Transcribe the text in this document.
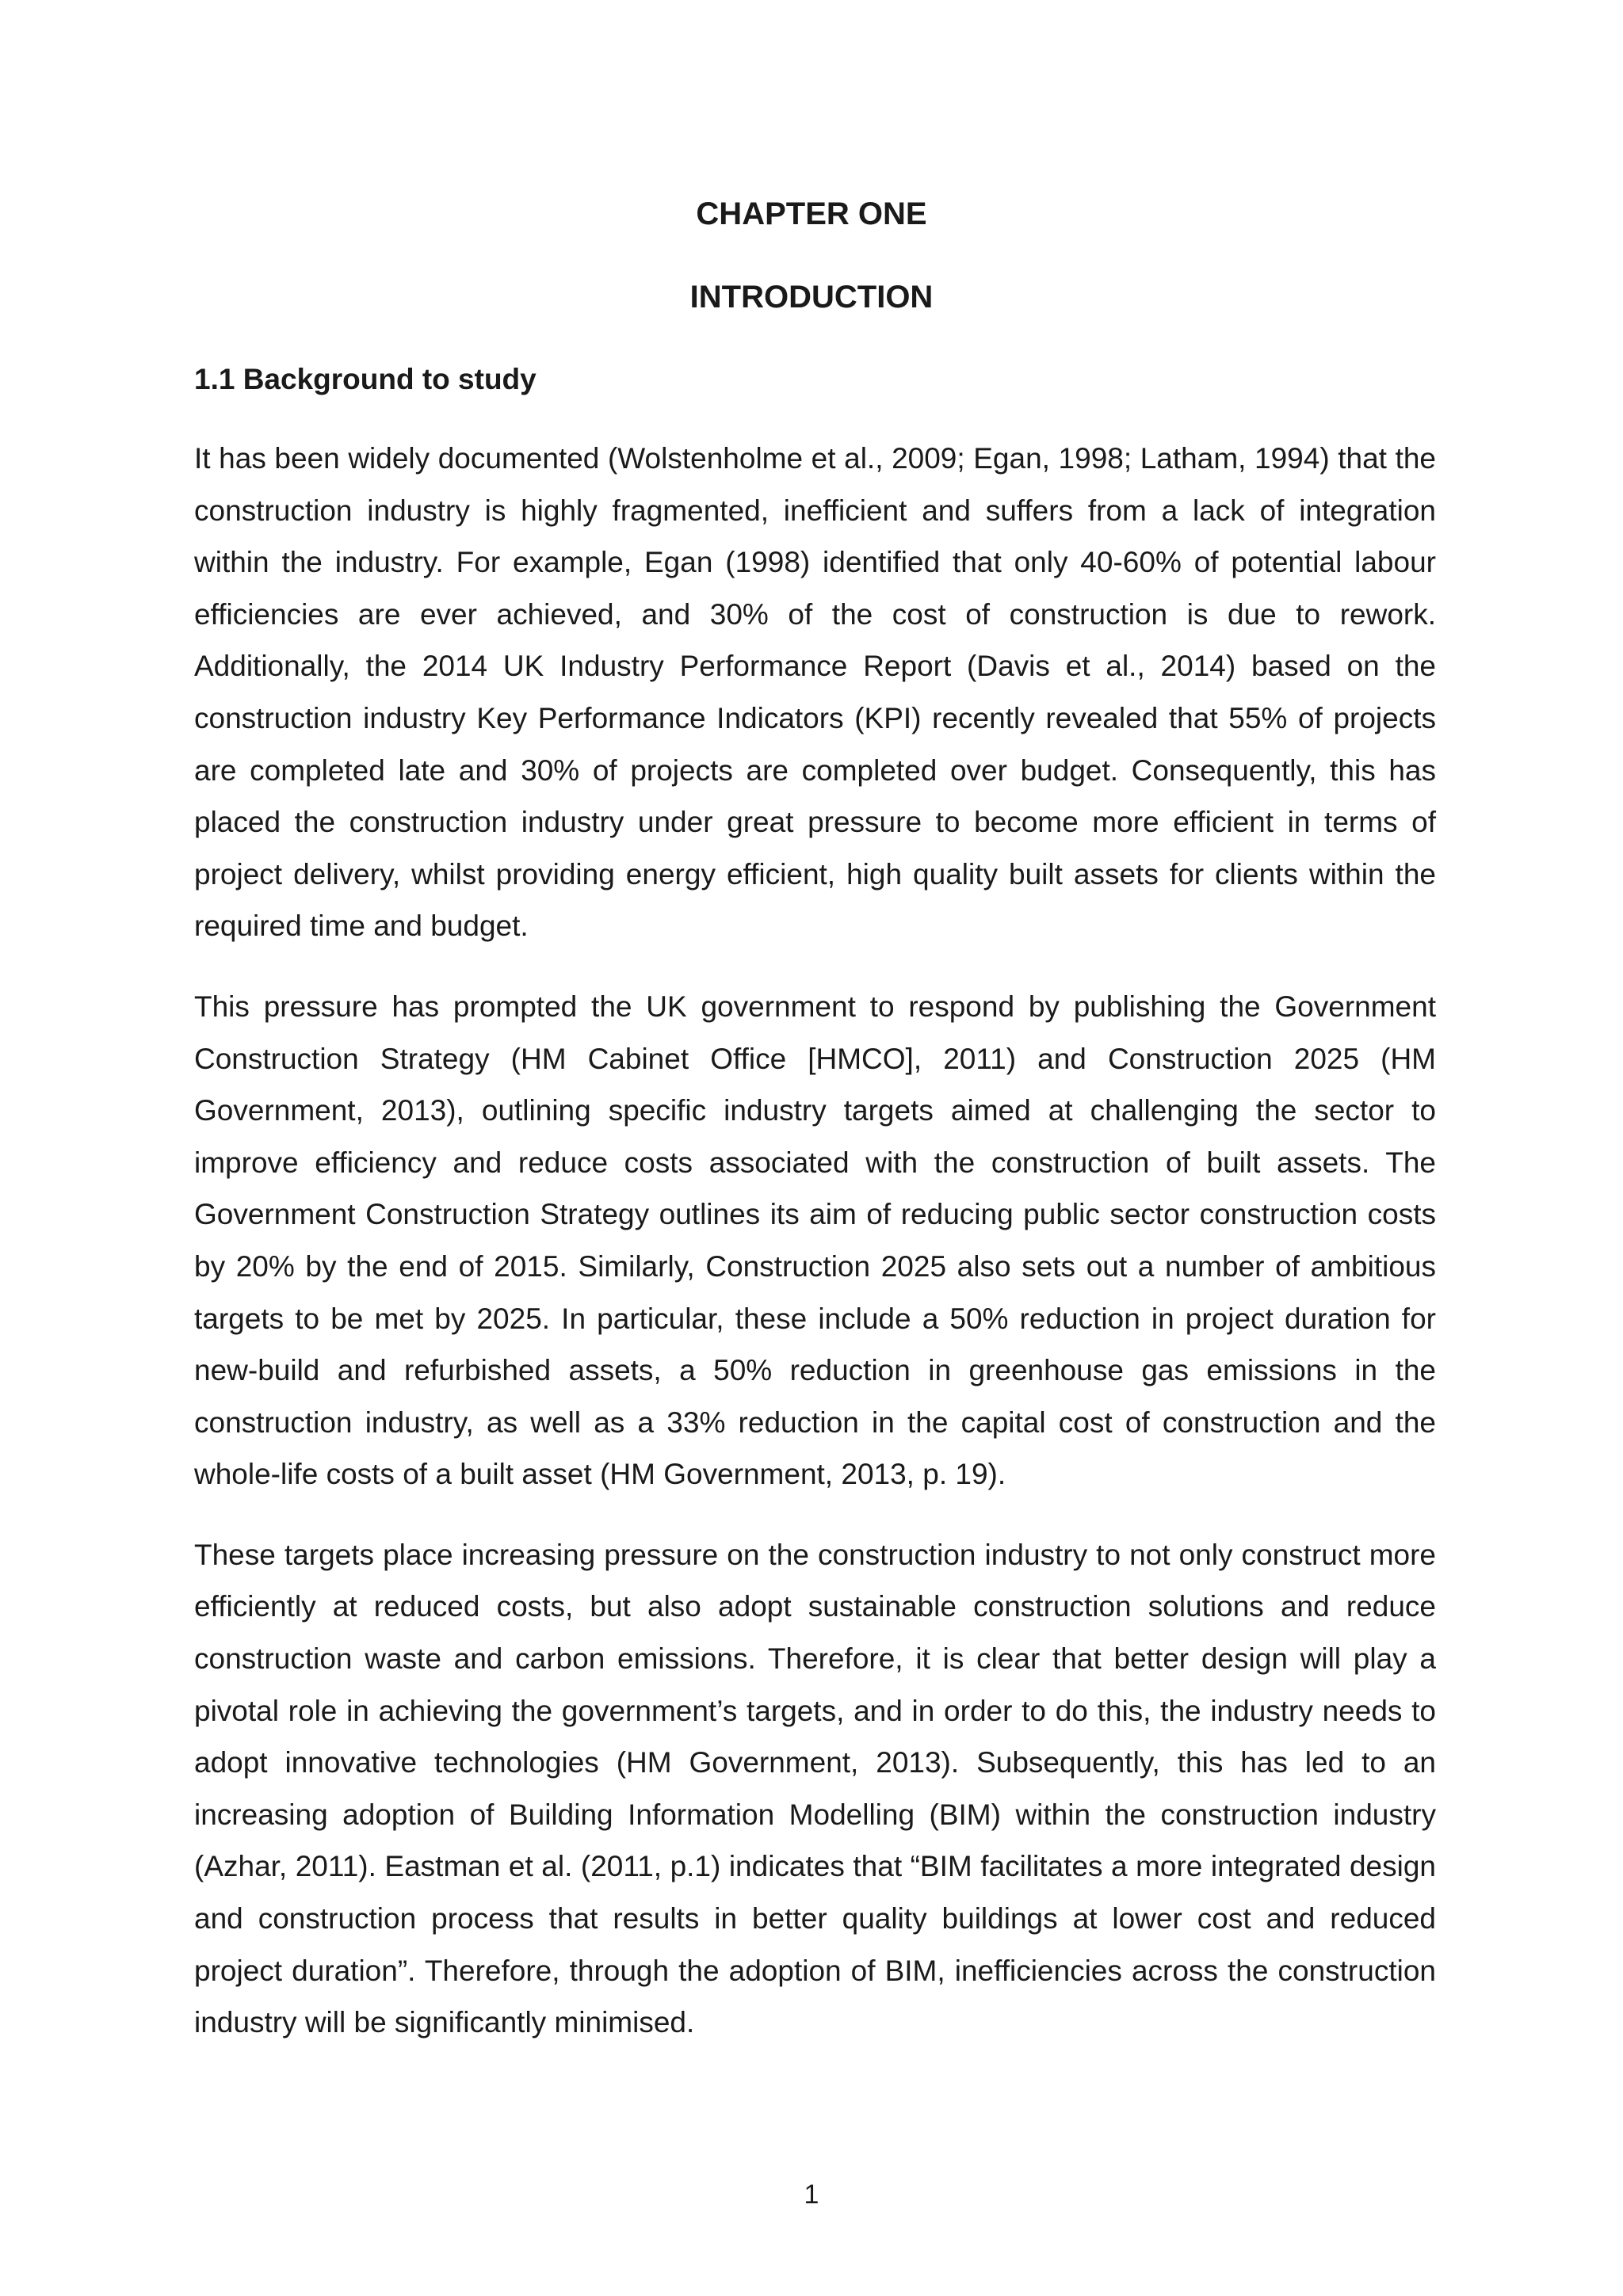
CHAPTER ONE
INTRODUCTION
1.1 Background to study

It has been widely documented (Wolstenholme et al., 2009; Egan, 1998; Latham, 1994) that the construction industry is highly fragmented, inefficient and suffers from a lack of integration within the industry. For example, Egan (1998) identified that only 40-60% of potential labour efficiencies are ever achieved, and 30% of the cost of construction is due to rework. Additionally, the 2014 UK Industry Performance Report (Davis et al., 2014) based on the construction industry Key Performance Indicators (KPI) recently revealed that 55% of projects are completed late and 30% of projects are completed over budget. Consequently, this has placed the construction industry under great pressure to become more efficient in terms of project delivery, whilst providing energy efficient, high quality built assets for clients within the required time and budget.

This pressure has prompted the UK government to respond by publishing the Government Construction Strategy (HM Cabinet Office [HMCO], 2011) and Construction 2025 (HM Government, 2013), outlining specific industry targets aimed at challenging the sector to improve efficiency and reduce costs associated with the construction of built assets. The Government Construction Strategy outlines its aim of reducing public sector construction costs by 20% by the end of 2015. Similarly, Construction 2025 also sets out a number of ambitious targets to be met by 2025. In particular, these include a 50% reduction in project duration for new-build and refurbished assets, a 50% reduction in greenhouse gas emissions in the construction industry, as well as a 33% reduction in the capital cost of construction and the whole-life costs of a built asset (HM Government, 2013, p. 19).

These targets place increasing pressure on the construction industry to not only construct more efficiently at reduced costs, but also adopt sustainable construction solutions and reduce construction waste and carbon emissions. Therefore, it is clear that better design will play a pivotal role in achieving the government’s targets, and in order to do this, the industry needs to adopt innovative technologies (HM Government, 2013). Subsequently, this has led to an increasing adoption of Building Information Modelling (BIM) within the construction industry (Azhar, 2011). Eastman et al. (2011, p.1) indicates that “BIM facilitates a more integrated design and construction process that results in better quality buildings at lower cost and reduced project duration”. Therefore, through the adoption of BIM, inefficiencies across the construction industry will be significantly minimised.

1
